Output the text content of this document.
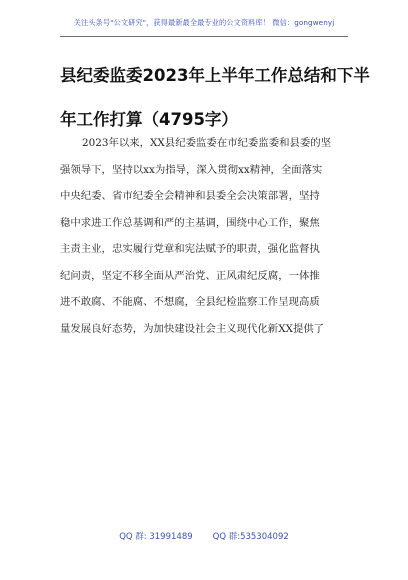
关注头条号"公文研究"，获得最新最全最专业的公文资料库！ 微信：gongwenyj
县纪委监委2023年上半年工作总结和下半
年工作打算（4795字）
2023年以来，XX县纪委监委在市纪委监委和县委的坚
强领导下，坚持以xx为指导，深入贯彻xx精神，全面落实
中央纪委、省市纪委全会精神和县委全会决策部署，坚持
稳中求进工作总基调和严的主基调，围绕中心工作，聚焦
主责主业，忠实履行党章和宪法赋予的职责，强化监督执
纪问责，坚定不移全面从严治党、正风肃纪反腐，一体推
进不敢腐、不能腐、不想腐，全县纪检监察工作呈现高质
量发展良好态势，为加快建设社会主义现代化新XX提供了
QQ 群: 31991489 QQ 群:535304092
